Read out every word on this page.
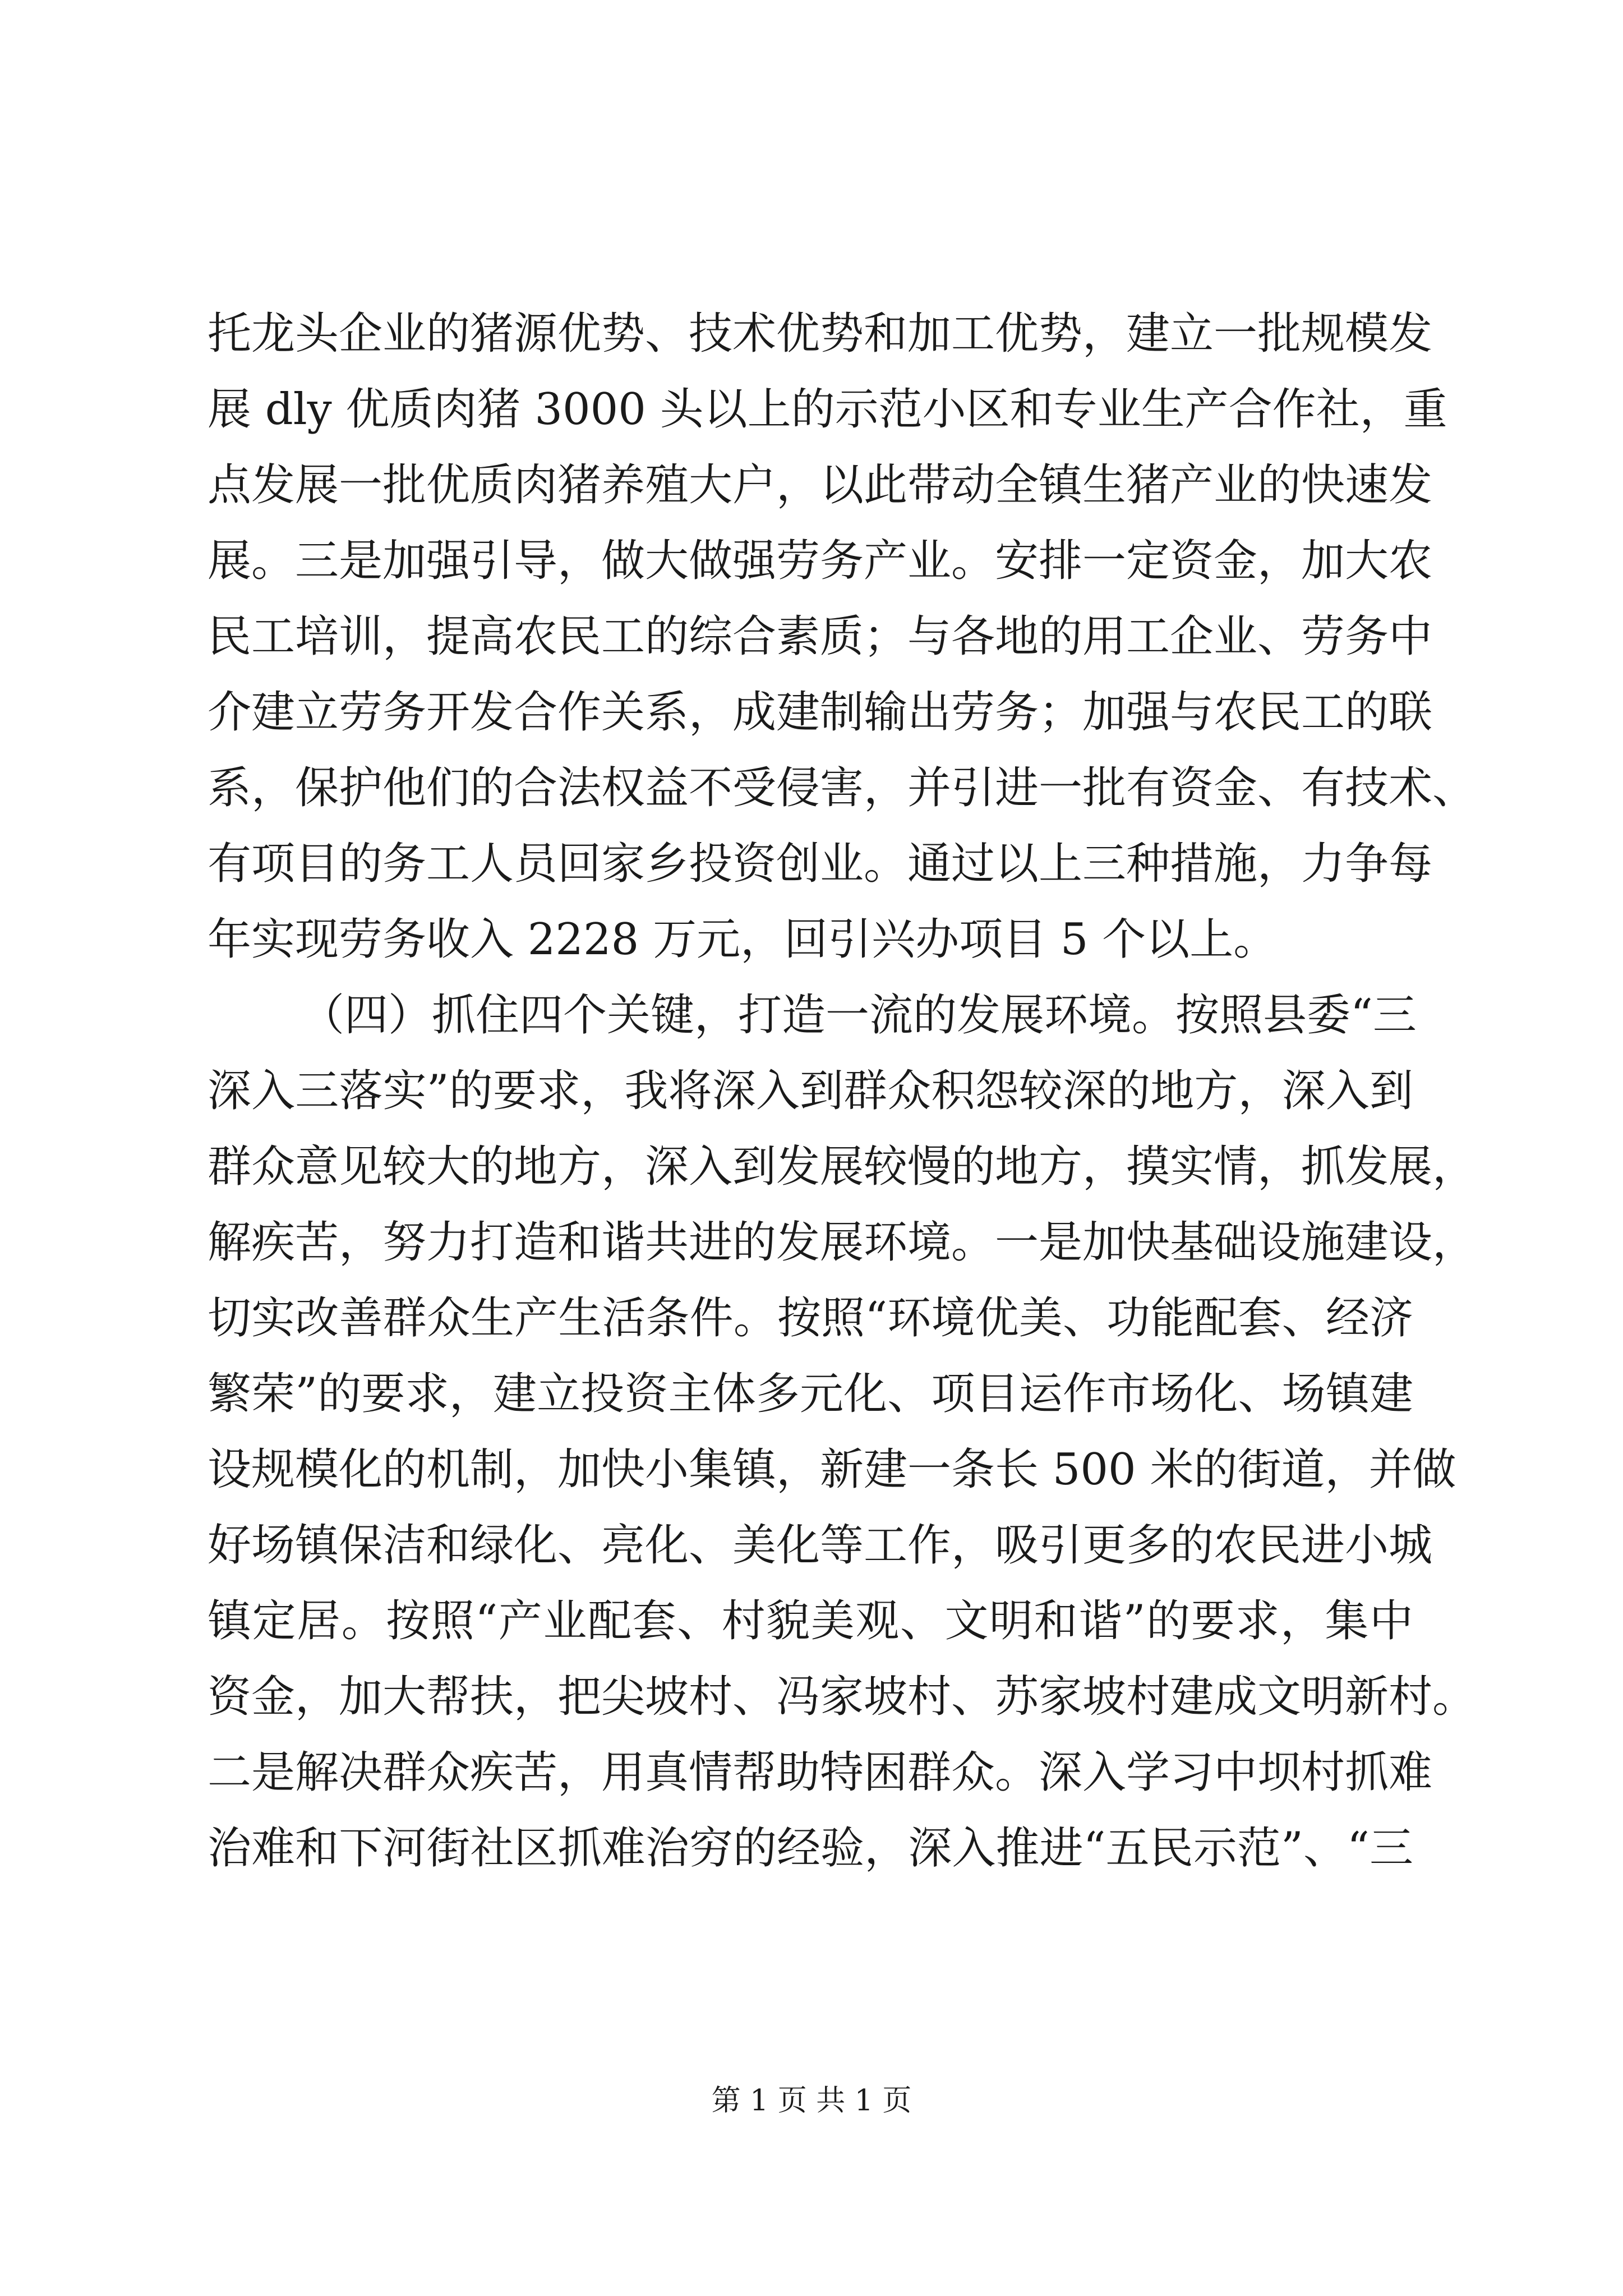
托龙头企业的猪源优势、技术优势和加工优势，建立一批规模发
展 dly 优质肉猪 3000 头以上的示范小区和专业生产合作社，重
点发展一批优质肉猪养殖大户，以此带动全镇生猪产业的快速发
展。三是加强引导，做大做强劳务产业。安排一定资金，加大农
民工培训，提高农民工的综合素质；与各地的用工企业、劳务中
介建立劳务开发合作关系，成建制输出劳务；加强与农民工的联
系，保护他们的合法权益不受侵害，并引进一批有资金、有技术、
有项目的务工人员回家乡投资创业。通过以上三种措施，力争每
年实现劳务收入 2228 万元，回引兴办项目 5 个以上。
（四）抓住四个关键，打造一流的发展环境。按照县委“三
深入三落实”的要求，我将深入到群众积怨较深的地方，深入到
群众意见较大的地方，深入到发展较慢的地方，摸实情，抓发展，
解疾苦，努力打造和谐共进的发展环境。一是加快基础设施建设，
切实改善群众生产生活条件。按照“环境优美、功能配套、经济
繁荣”的要求，建立投资主体多元化、项目运作市场化、场镇建
设规模化的机制，加快小集镇，新建一条长 500 米的街道，并做
好场镇保洁和绿化、亮化、美化等工作，吸引更多的农民进小城
镇定居。按照“产业配套、村貌美观、文明和谐”的要求，集中
资金，加大帮扶，把尖坡村、冯家坡村、苏家坡村建成文明新村。
二是解决群众疾苦，用真情帮助特困群众。深入学习中坝村抓难
治难和下河街社区抓难治穷的经验，深入推进“五民示范”、“三
第 1 页 共 1 页
